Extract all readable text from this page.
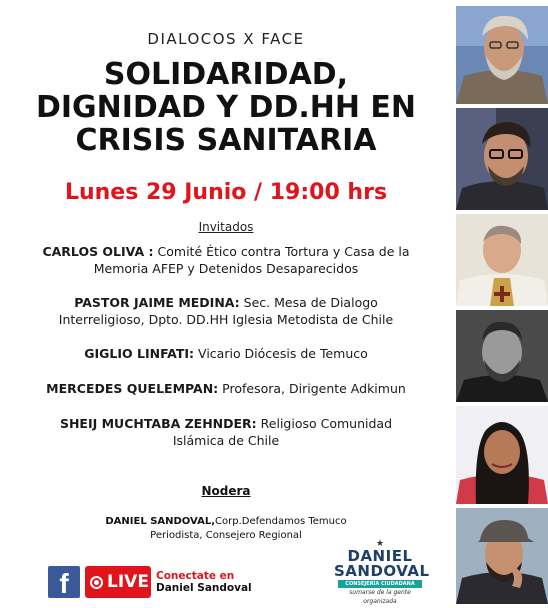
DIALOCOS X FACE
SOLIDARIDAD,
DIGNIDAD Y DD.HH EN
CRISIS SANITARIA
Lunes 29 Junio / 19:00 hrs
Invitados
CARLOS OLIVA : Comité Ético contra Tortura y Casa de la
Memoria AFEP y Detenidos Desaparecidos
PASTOR JAIME MEDINA: Sec. Mesa de Dialogo
Interreligioso, Dpto. DD.HH Iglesia Metodista de Chile
GIGLIO LINFATI: Vicario Diócesis de Temuco
MERCEDES QUELEMPAN: Profesora, Dirigente Adkimun
SHEIJ MUCHTABA ZEHNDER: Religioso Comunidad
Islámica de Chile
Nodera
DANIEL SANDOVAL,Corp.Defendamos Temuco
Periodista, Consejero Regional
f	LIVE Conectate en
Daniel Sandoval
★
DANIEL
SANDOVAL
CONSEJERÍA CIUDADANA
sumarse de la gente organizada
